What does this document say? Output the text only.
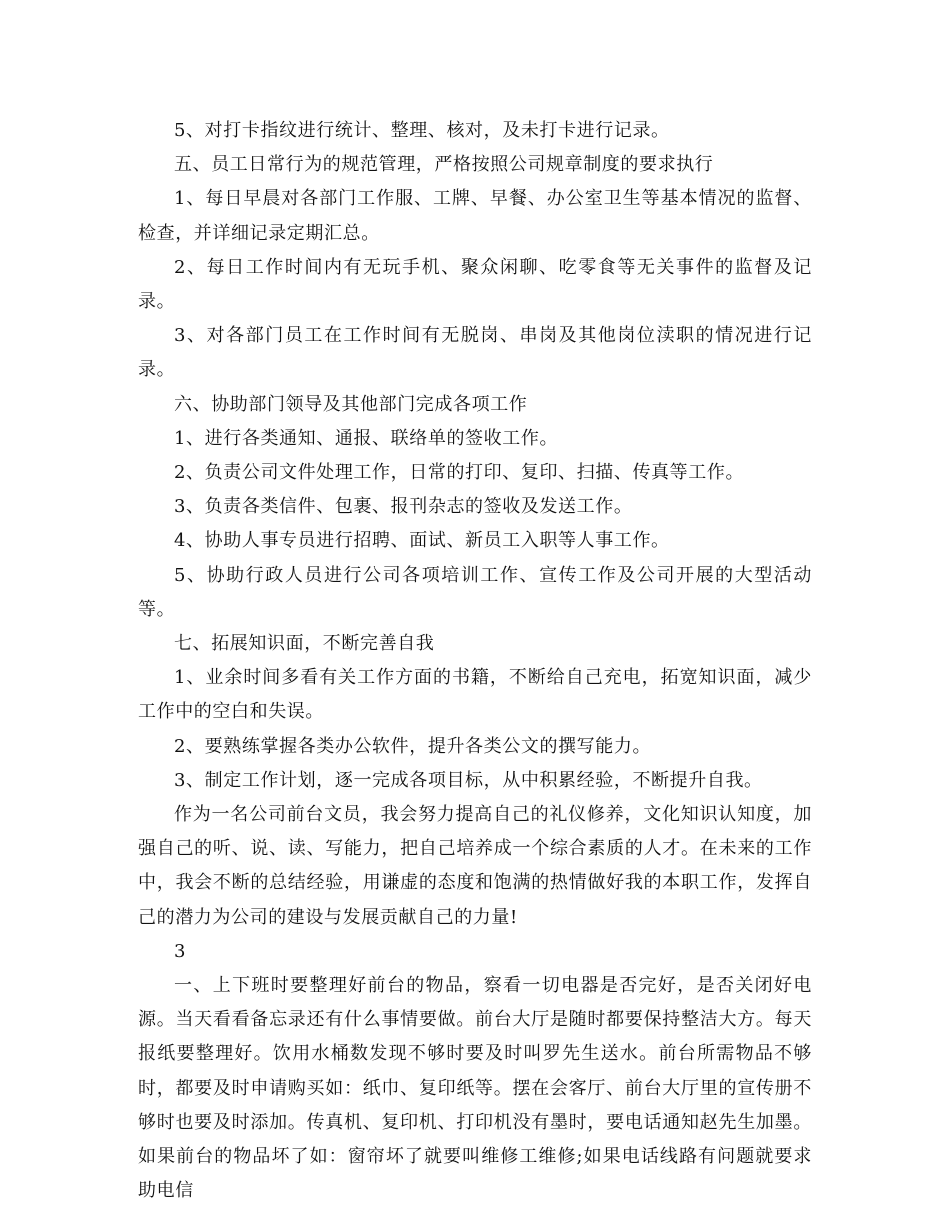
5、对打卡指纹进行统计、整理、核对，及未打卡进行记录。

五、员工日常行为的规范管理，严格按照公司规章制度的要求执行

1、每日早晨对各部门工作服、工牌、早餐、办公室卫生等基本情况的监督、检查，并详细记录定期汇总。

2、每日工作时间内有无玩手机、聚众闲聊、吃零食等无关事件的监督及记录。

3、对各部门员工在工作时间有无脱岗、串岗及其他岗位渎职的情况进行记录。

六、协助部门领导及其他部门完成各项工作

1、进行各类通知、通报、联络单的签收工作。

2、负责公司文件处理工作，日常的打印、复印、扫描、传真等工作。

3、负责各类信件、包裹、报刊杂志的签收及发送工作。

4、协助人事专员进行招聘、面试、新员工入职等人事工作。

5、协助行政人员进行公司各项培训工作、宣传工作及公司开展的大型活动等。

七、拓展知识面，不断完善自我

1、业余时间多看有关工作方面的书籍，不断给自己充电，拓宽知识面，减少工作中的空白和失误。

2、要熟练掌握各类办公软件，提升各类公文的撰写能力。

3、制定工作计划，逐一完成各项目标，从中积累经验，不断提升自我。

作为一名公司前台文员，我会努力提高自己的礼仪修养，文化知识认知度，加强自己的听、说、读、写能力，把自己培养成一个综合素质的人才。在未来的工作中，我会不断的总结经验，用谦虚的态度和饱满的热情做好我的本职工作，发挥自己的潜力为公司的建设与发展贡献自己的力量!

3

一、上下班时要整理好前台的物品，察看一切电器是否完好，是否关闭好电源。当天看看备忘录还有什么事情要做。前台大厅是随时都要保持整洁大方。每天报纸要整理好。饮用水桶数发现不够时要及时叫罗先生送水。前台所需物品不够时，都要及时申请购买如：纸巾、复印纸等。摆在会客厅、前台大厅里的宣传册不够时也要及时添加。传真机、复印机、打印机没有墨时，要电话通知赵先生加墨。如果前台的物品坏了如：窗帘坏了就要叫维修工维修;如果电话线路有问题就要求助电信
